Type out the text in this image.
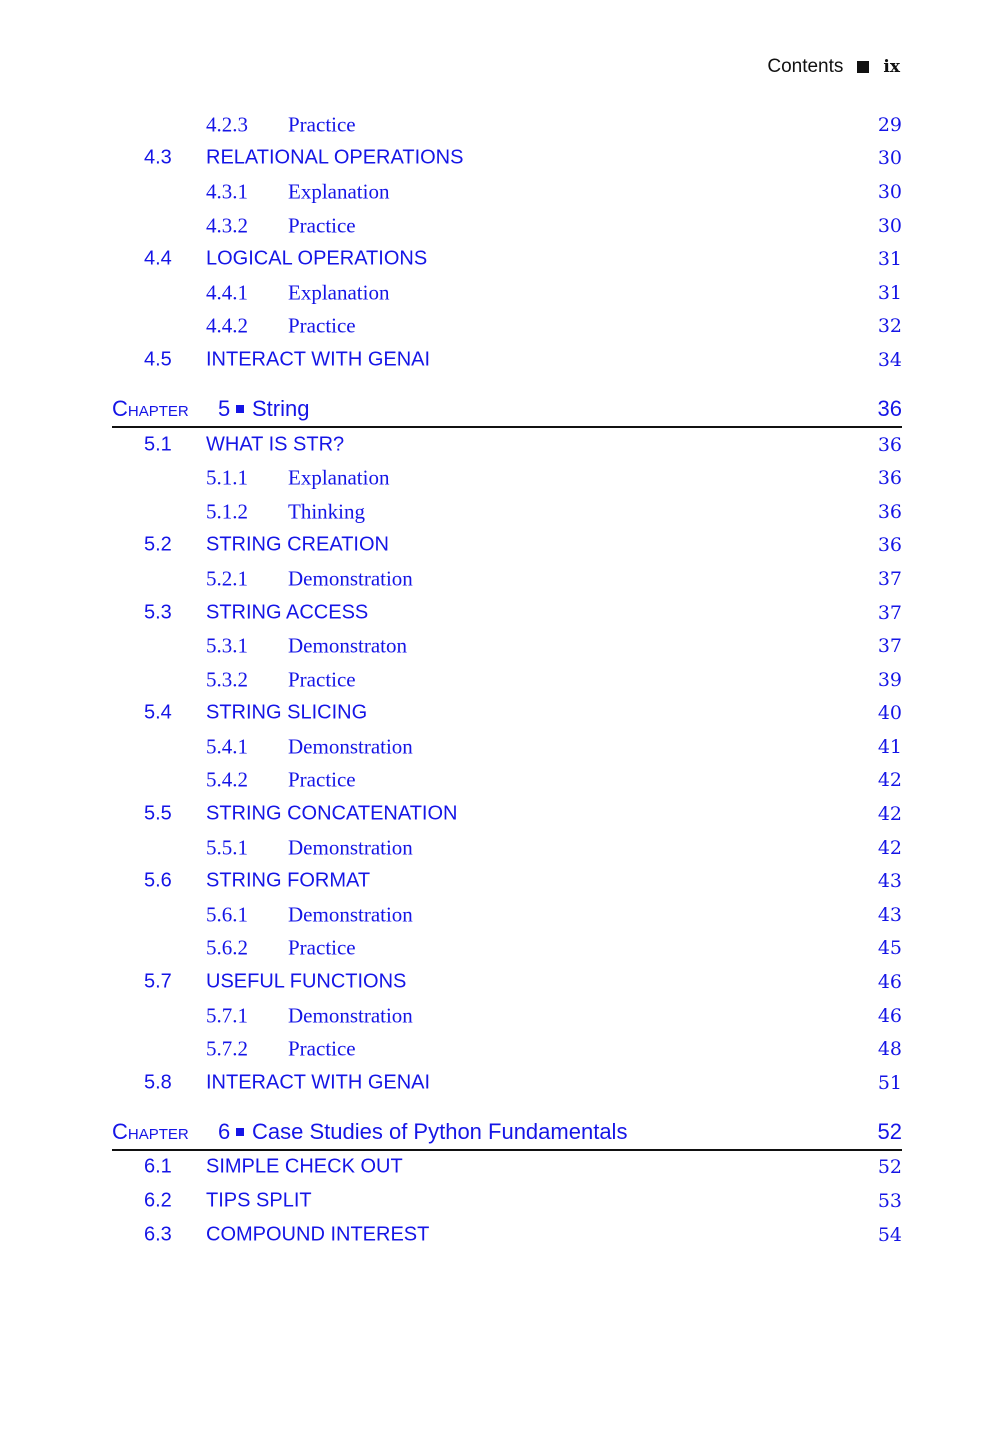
Contents ix
4.2.3 Practice	29
4.3 RELATIONAL OPERATIONS	30
4.3.1 Explanation	30
4.3.2 Practice	30
4.4 LOGICAL OPERATIONS	31
4.4.1 Explanation	31
4.4.2 Practice	32
4.5 INTERACT WITH GENAI	34
Chapter 5 String	36
5.1 WHAT IS STR?	36
5.1.1 Explanation	36
5.1.2 Thinking	36
5.2 STRING CREATION	36
5.2.1 Demonstration	37
5.3 STRING ACCESS	37
5.3.1 Demonstraton	37
5.3.2 Practice	39
5.4 STRING SLICING	40
5.4.1 Demonstration	41
5.4.2 Practice	42
5.5 STRING CONCATENATION	42
5.5.1 Demonstration	42
5.6 STRING FORMAT	43
5.6.1 Demonstration	43
5.6.2 Practice	45
5.7 USEFUL FUNCTIONS	46
5.7.1 Demonstration	46
5.7.2 Practice	48
5.8 INTERACT WITH GENAI	51
Chapter 6 Case Studies of Python Fundamentals	52
6.1 SIMPLE CHECK OUT	52
6.2 TIPS SPLIT	53
6.3 COMPOUND INTEREST	54
